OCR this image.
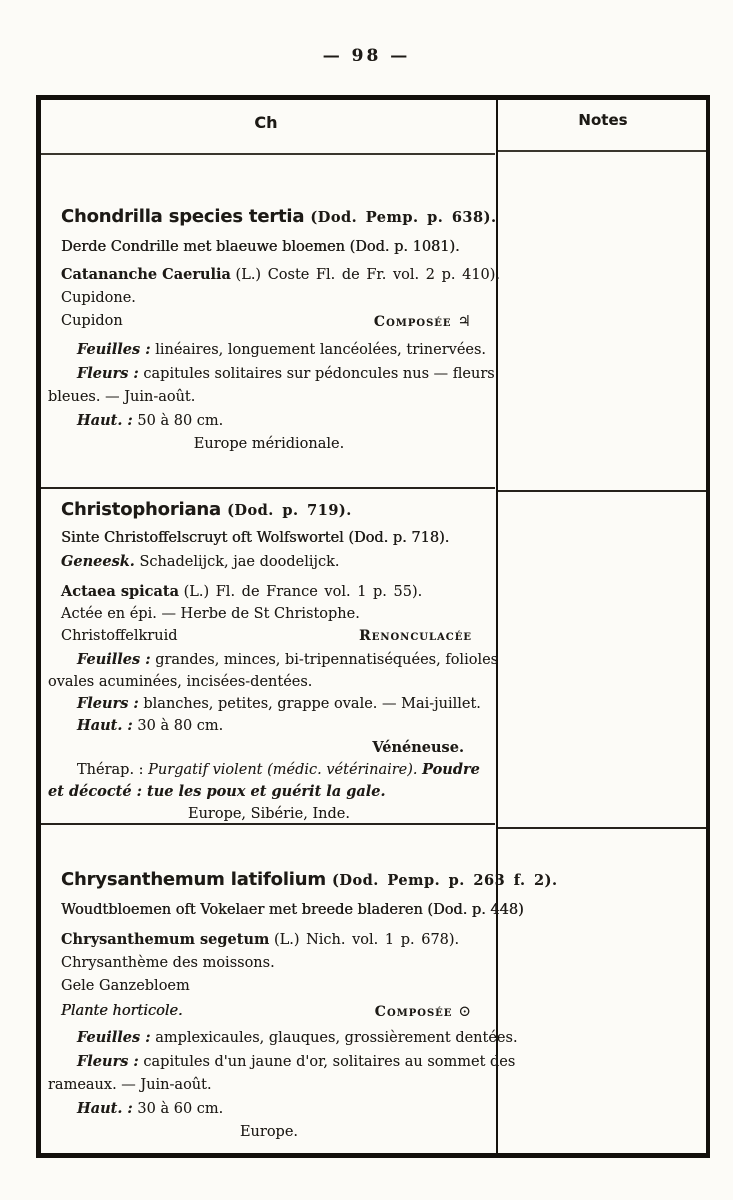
— 98 —
Ch	Notes
Chondrilla species tertia (Dod. Pemp. p. 638).
Derde Condrille met blaeuwe bloemen (Dod. p. 1081).
Catananche Caerulia (L.) Coste Fl. de Fr. vol. 2 p. 410).
Cupidone.
Cupidon	Composée ♃
Feuilles : linéaires, longuement lancéolées, trinervées.
Fleurs : capitules solitaires sur pédoncules nus — fleurs
bleues. — Juin-août.
Haut. : 50 à 80 cm.
Europe méridionale.
Christophoriana (Dod. p. 719).
Sinte Christoffelscruyt oft Wolfswortel (Dod. p. 718).
Geneesk. Schadelijck, jae doodelijck.
Actaea spicata (L.) Fl. de France vol. 1 p. 55).
Actée en épi. — Herbe de St Christophe.
Christoffelkruid	Renonculacée
Feuilles : grandes, minces, bi-tripennatiséquées, folioles
ovales acuminées, incisées-dentées.
Fleurs : blanches, petites, grappe ovale. — Mai-juillet.
Haut. : 30 à 80 cm.
Vénéneuse.
Thérap. : Purgatif violent (médic. vétérinaire). Poudre
et décocté : tue les poux et guérit la gale.
Europe, Sibérie, Inde.
Chrysanthemum latifolium (Dod. Pemp. p. 263 f. 2).
Woudtbloemen oft Vokelaer met breede bladeren (Dod. p. 448)
Chrysanthemum segetum (L.) Nich. vol. 1 p. 678).
Chrysanthème des moissons.
Gele Ganzebloem
Plante horticole.	Composée ⊙
Feuilles : amplexicaules, glauques, grossièrement dentées.
Fleurs : capitules d'un jaune d'or, solitaires au sommet des
rameaux. — Juin-août.
Haut. : 30 à 60 cm.
Europe.
